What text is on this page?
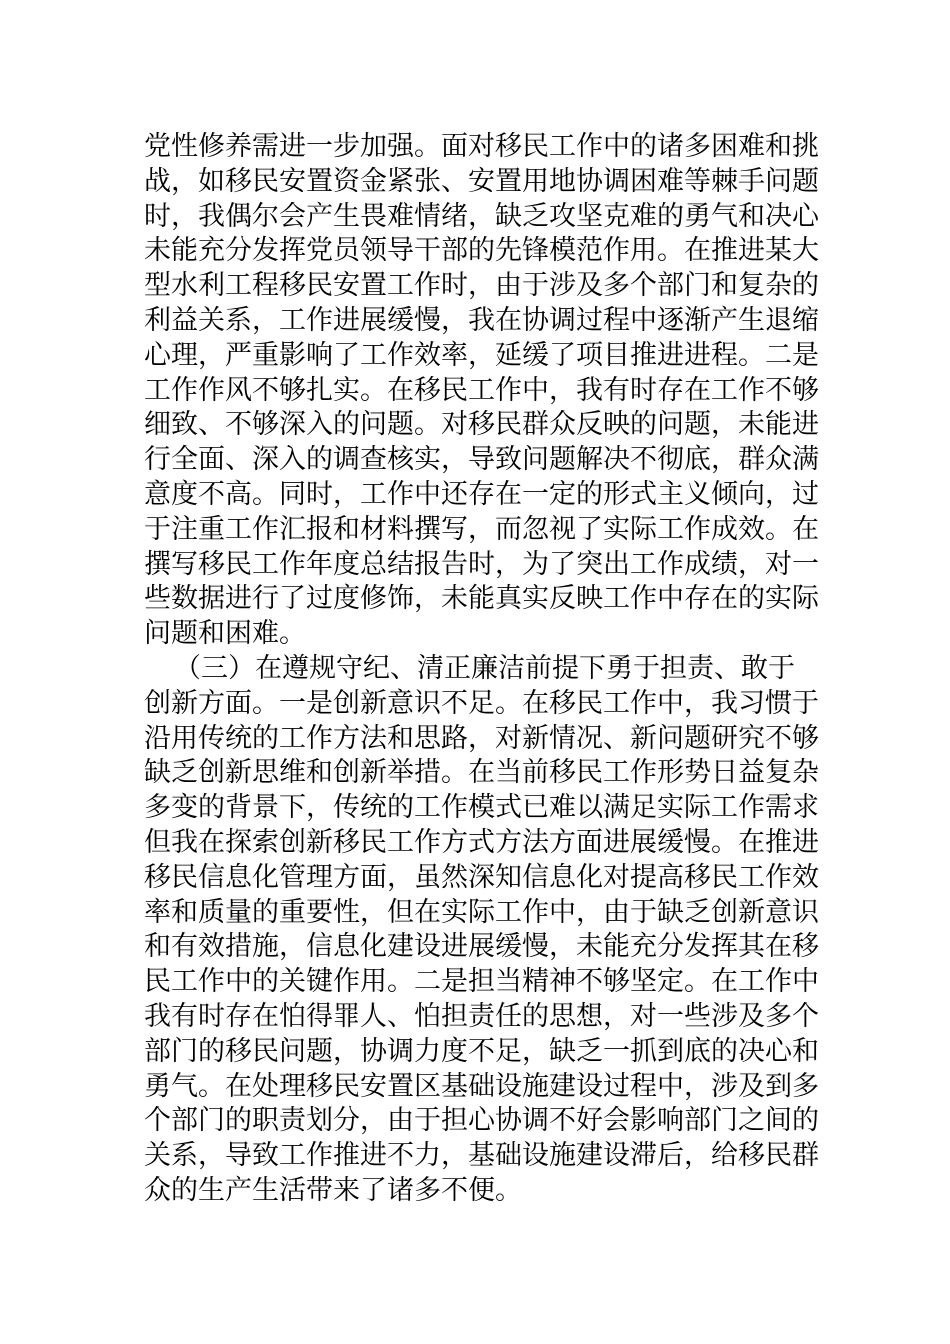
党性修养需进一步加强。面对移民工作中的诸多困难和挑
战，如移民安置资金紧张、安置用地协调困难等棘手问题
时，我偶尔会产生畏难情绪，缺乏攻坚克难的勇气和决心
未能充分发挥党员领导干部的先锋模范作用。在推进某大
型水利工程移民安置工作时，由于涉及多个部门和复杂的
利益关系，工作进展缓慢，我在协调过程中逐渐产生退缩
心理，严重影响了工作效率，延缓了项目推进进程。二是
工作作风不够扎实。在移民工作中，我有时存在工作不够
细致、不够深入的问题。对移民群众反映的问题，未能进
行全面、深入的调查核实，导致问题解决不彻底，群众满
意度不高。同时，工作中还存在一定的形式主义倾向，过
于注重工作汇报和材料撰写，而忽视了实际工作成效。在
撰写移民工作年度总结报告时，为了突出工作成绩，对一
些数据进行了过度修饰，未能真实反映工作中存在的实际
问题和困难。
（三）在遵规守纪、清正廉洁前提下勇于担责、敢于
创新方面。一是创新意识不足。在移民工作中，我习惯于
沿用传统的工作方法和思路，对新情况、新问题研究不够
缺乏创新思维和创新举措。在当前移民工作形势日益复杂
多变的背景下，传统的工作模式已难以满足实际工作需求
但我在探索创新移民工作方式方法方面进展缓慢。在推进
移民信息化管理方面，虽然深知信息化对提高移民工作效
率和质量的重要性，但在实际工作中，由于缺乏创新意识
和有效措施，信息化建设进展缓慢，未能充分发挥其在移
民工作中的关键作用。二是担当精神不够坚定。在工作中
我有时存在怕得罪人、怕担责任的思想，对一些涉及多个
部门的移民问题，协调力度不足，缺乏一抓到底的决心和
勇气。在处理移民安置区基础设施建设过程中，涉及到多
个部门的职责划分，由于担心协调不好会影响部门之间的
关系，导致工作推进不力，基础设施建设滞后，给移民群
众的生产生活带来了诸多不便。
